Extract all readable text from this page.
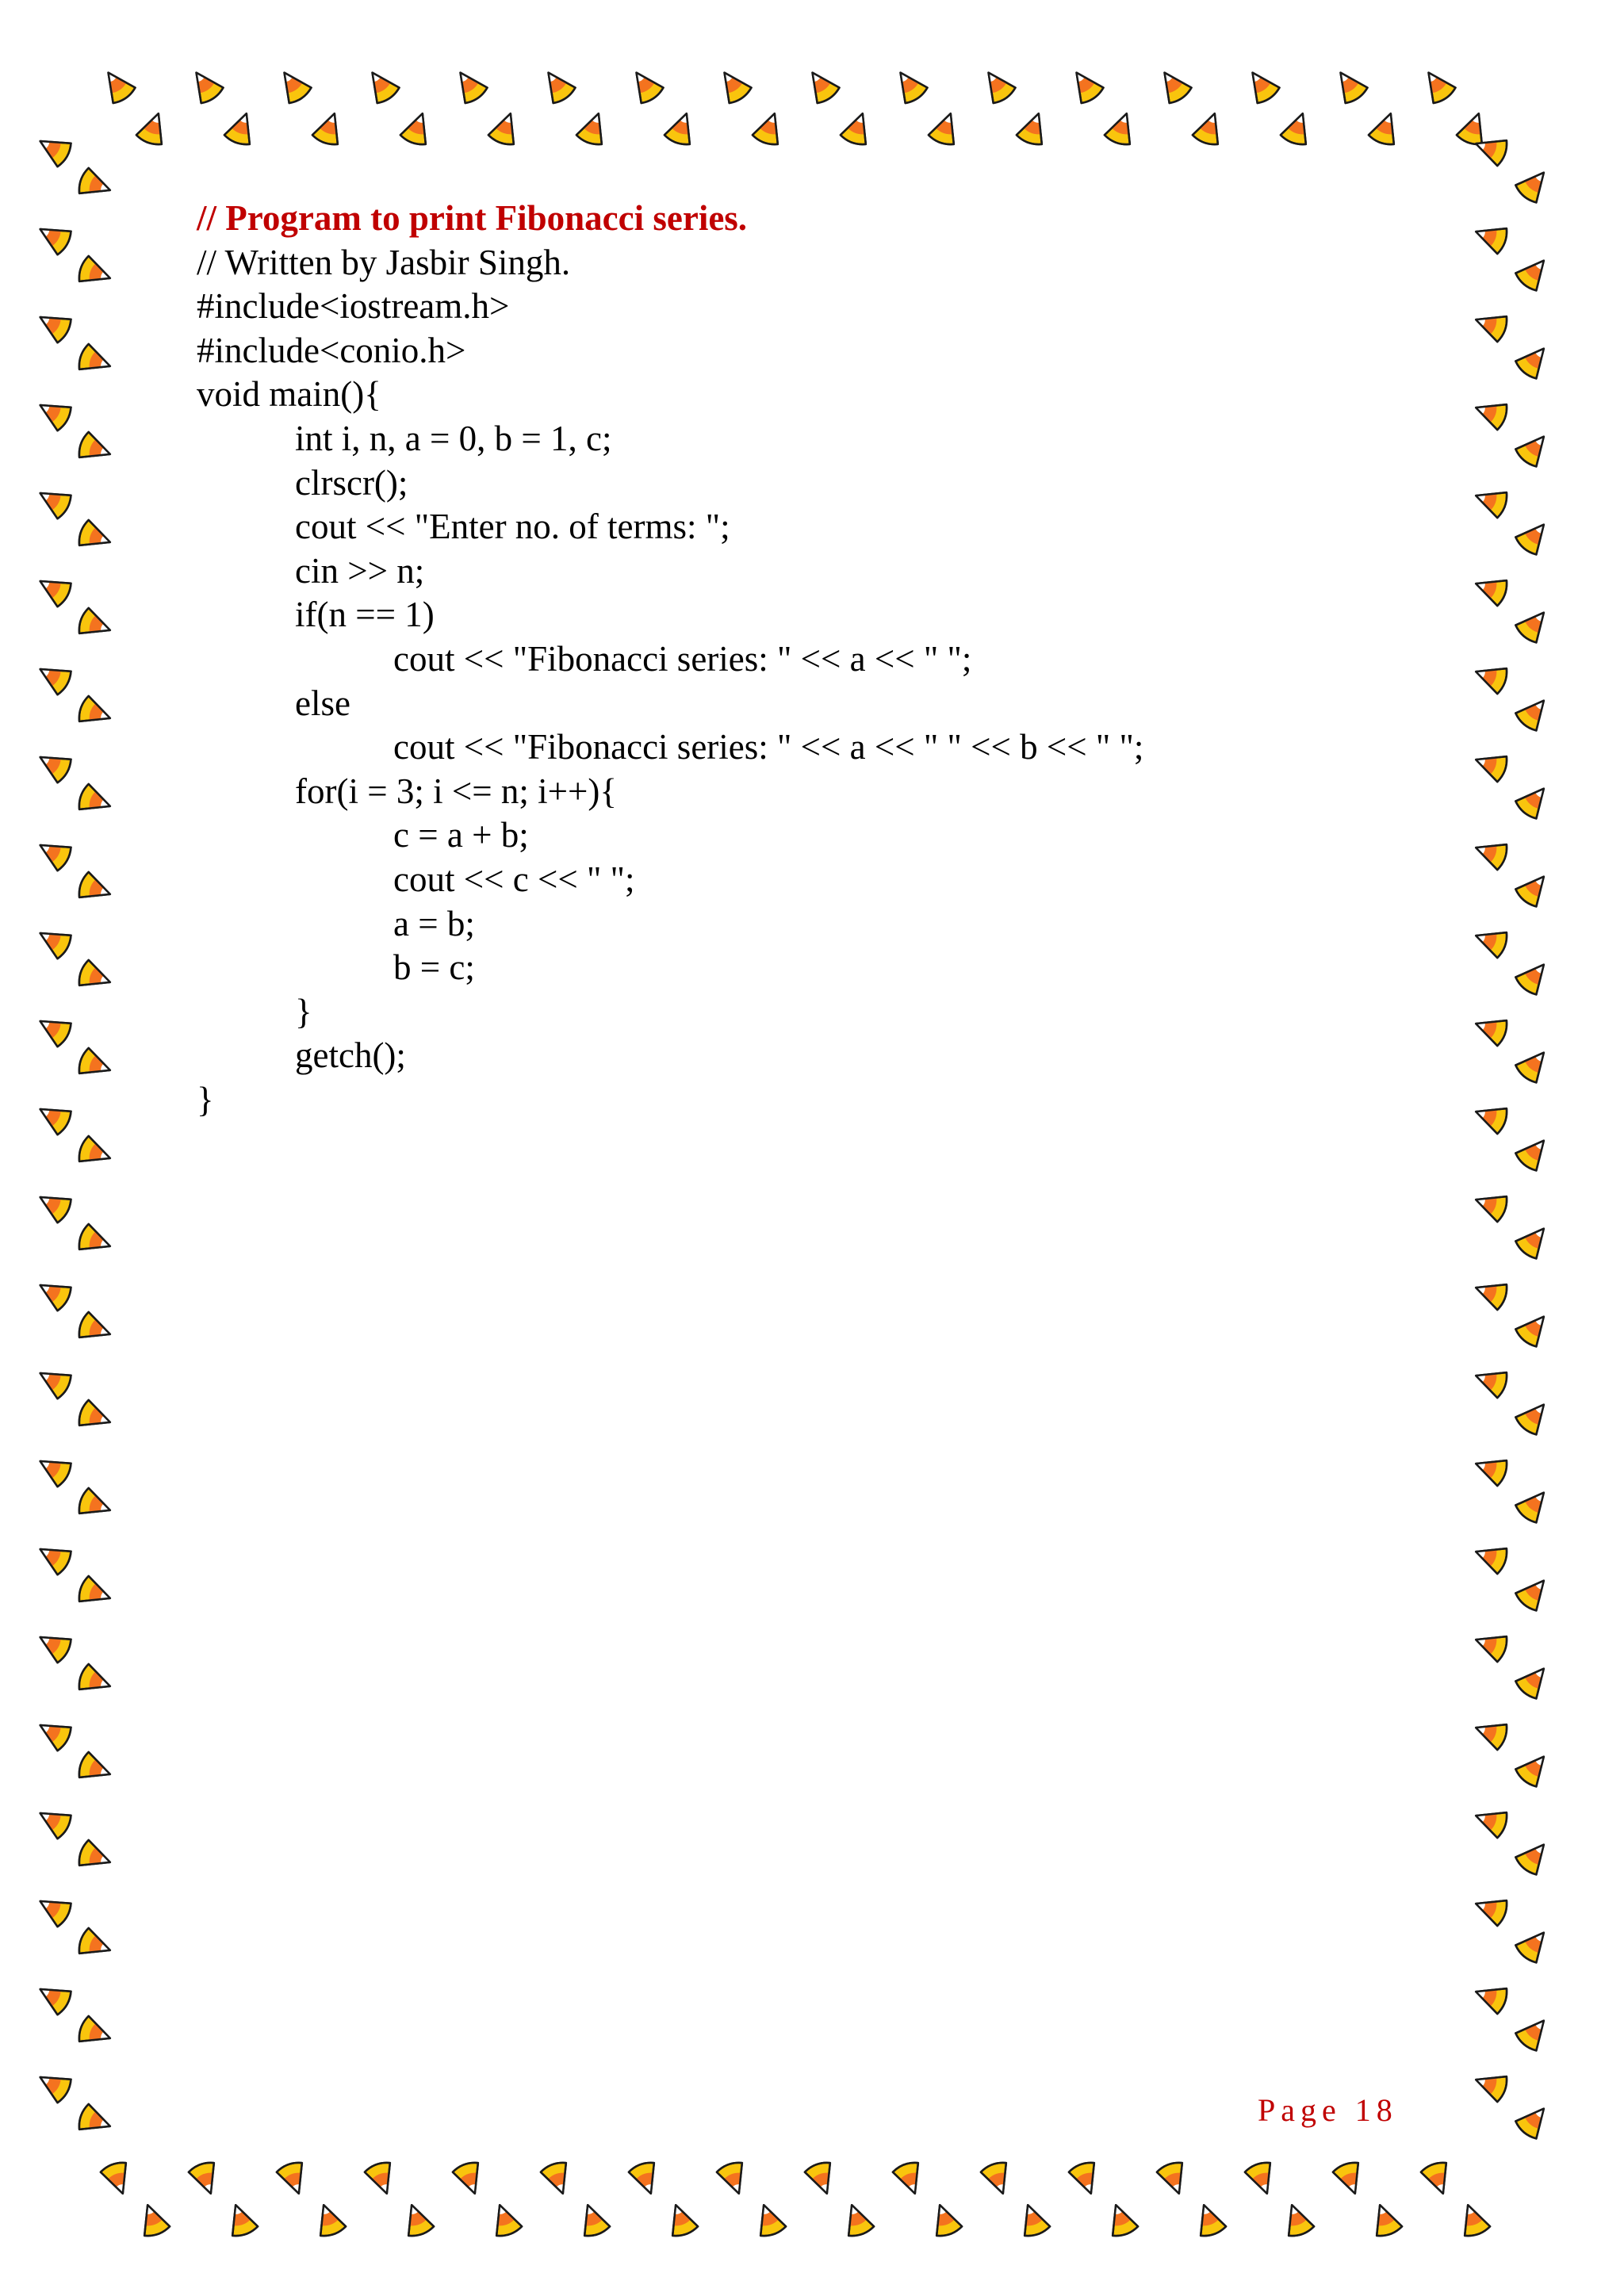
// Program to print Fibonacci series.
// Written by Jasbir Singh.
#include<iostream.h>
#include<conio.h>
void main(){
int i, n, a = 0, b = 1, c;
clrscr();
cout << "Enter no. of terms: ";
cin >> n;
if(n == 1)
cout << "Fibonacci series: " << a << " ";
else
cout << "Fibonacci series: " << a << " " << b << " ";
for(i = 3; i <= n; i++){
c = a + b;
cout << c << " ";
a = b;
b = c;
}
getch();
}
Page 18
